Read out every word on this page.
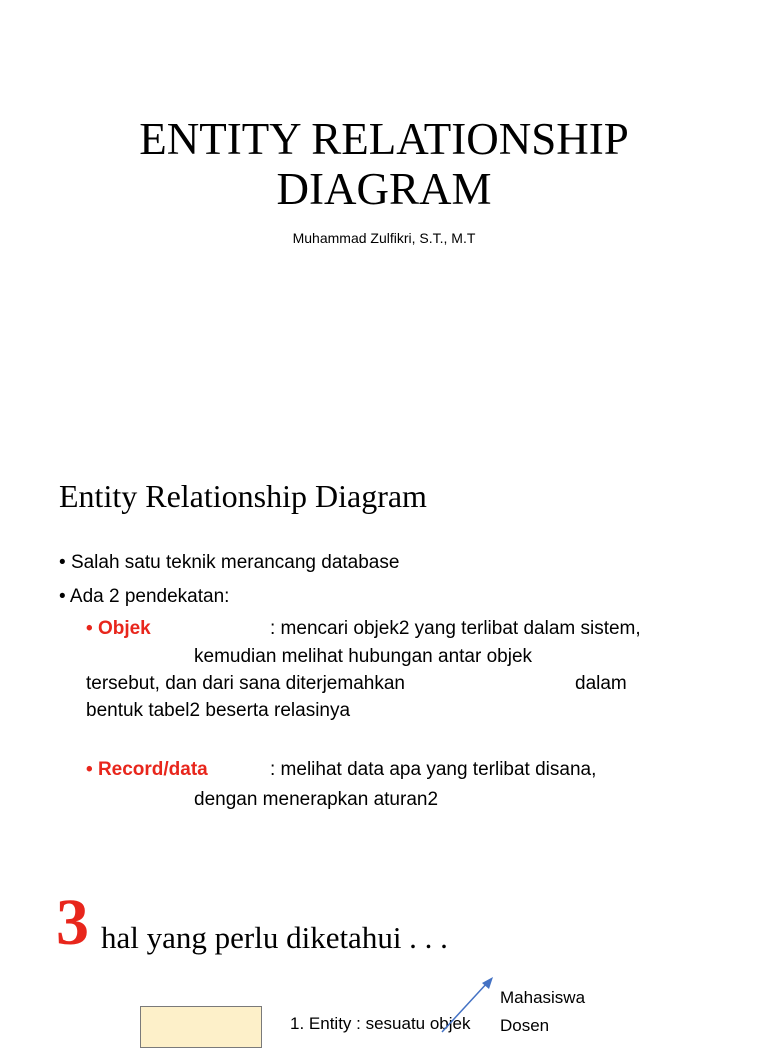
ENTITY RELATIONSHIP
DIAGRAM
Muhammad Zulfikri, S.T., M.T
Entity Relationship Diagram
• Salah satu teknik merancang database
• Ada 2 pendekatan:
• Objek	: mencari objek2 yang terlibat dalam sistem,
kemudian melihat hubungan antar objek
tersebut, dan dari sana diterjemahkan	dalam
bentuk tabel2 beserta relasinya
• Record/data	: melihat data apa yang terlibat disana,
dengan menerapkan aturan2
3 hal yang perlu diketahui . . .
1. Entity : sesuatu objek
Mahasiswa
Dosen
